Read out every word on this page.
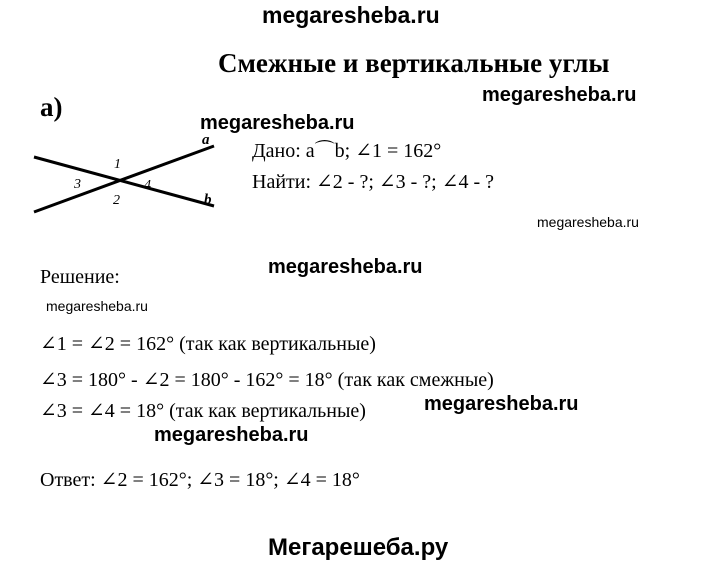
megaresheba.ru
Смежные и вертикальные углы
megaresheba.ru
а)
megaresheba.ru
a
b
1
2
3	4
Дано: a⌒b; ∠1 = 162°
Найти: ∠2 - ?; ∠3 - ?; ∠4 - ?
megaresheba.ru
Решение:	megaresheba.ru
megaresheba.ru
∠1 = ∠2 = 162° (так как вертикальные)
∠3 = 180° - ∠2 = 180° - 162° = 18° (так как смежные)
∠3 = ∠4 = 18° (так как вертикальные)	megaresheba.ru
megaresheba.ru
Ответ: ∠2 = 162°; ∠3 = 18°; ∠4 = 18°
Мегарешеба.ру
